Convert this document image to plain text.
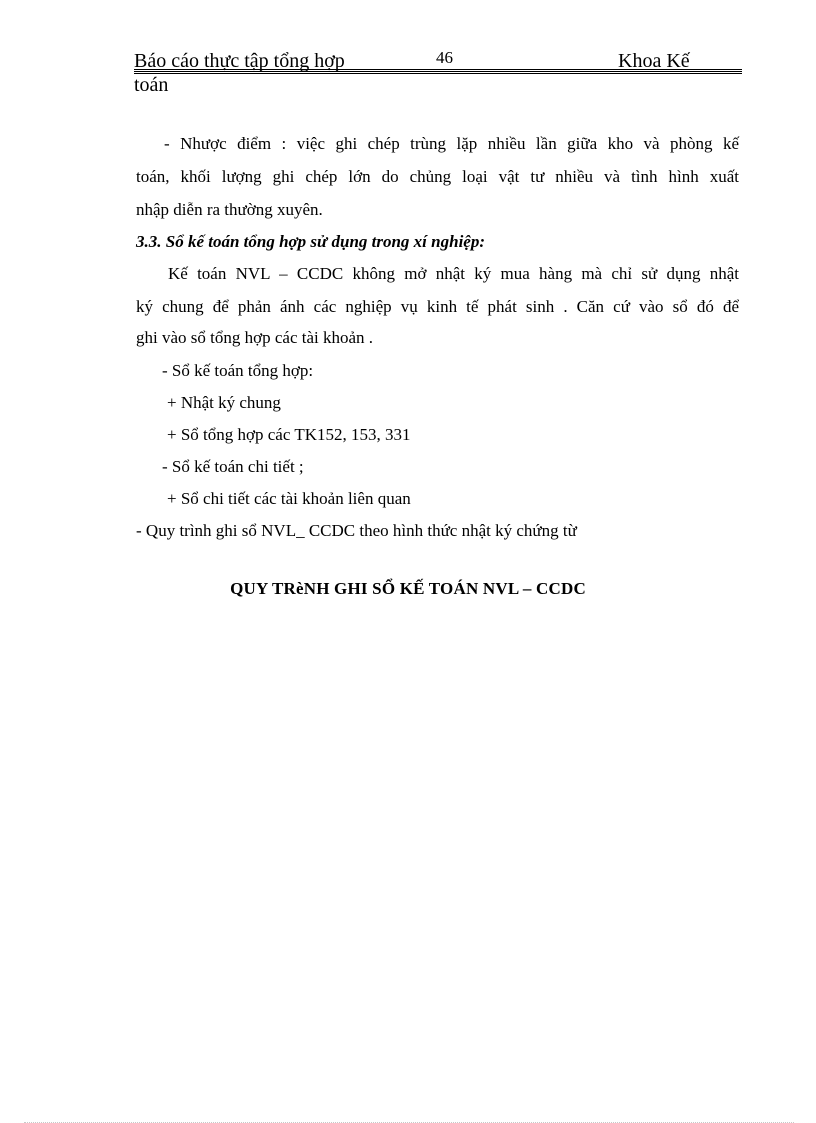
Báo cáo thực tập tổng hợp	46	Khoa Kế
toán
- Nhược điểm : việc ghi chép trùng lặp nhiều lần giữa kho và phòng kế
toán, khối lượng ghi chép lớn do chủng loại vật tư nhiều và tình hình xuất
nhập diễn ra thường xuyên.
3.3. Sổ kế toán tổng hợp sử dụng trong xí nghiệp:
Kế toán NVL – CCDC không mở nhật ký mua hàng mà chỉ sử dụng nhật
ký chung để phản ánh các nghiệp vụ kinh tế phát sinh . Căn cứ vào sổ đó để
ghi vào sổ tổng hợp các tài khoản .
- Sổ kế toán tổng hợp:
+ Nhật ký chung
+ Sổ tổng hợp các TK152, 153, 331
- Sổ kế toán chi tiết ;
+ Sổ chi tiết các tài khoản liên quan
- Quy trình ghi sổ NVL_ CCDC theo hình thức nhật ký chứng từ
QUY TRèNH GHI SỔ KẾ TOÁN NVL – CCDC
